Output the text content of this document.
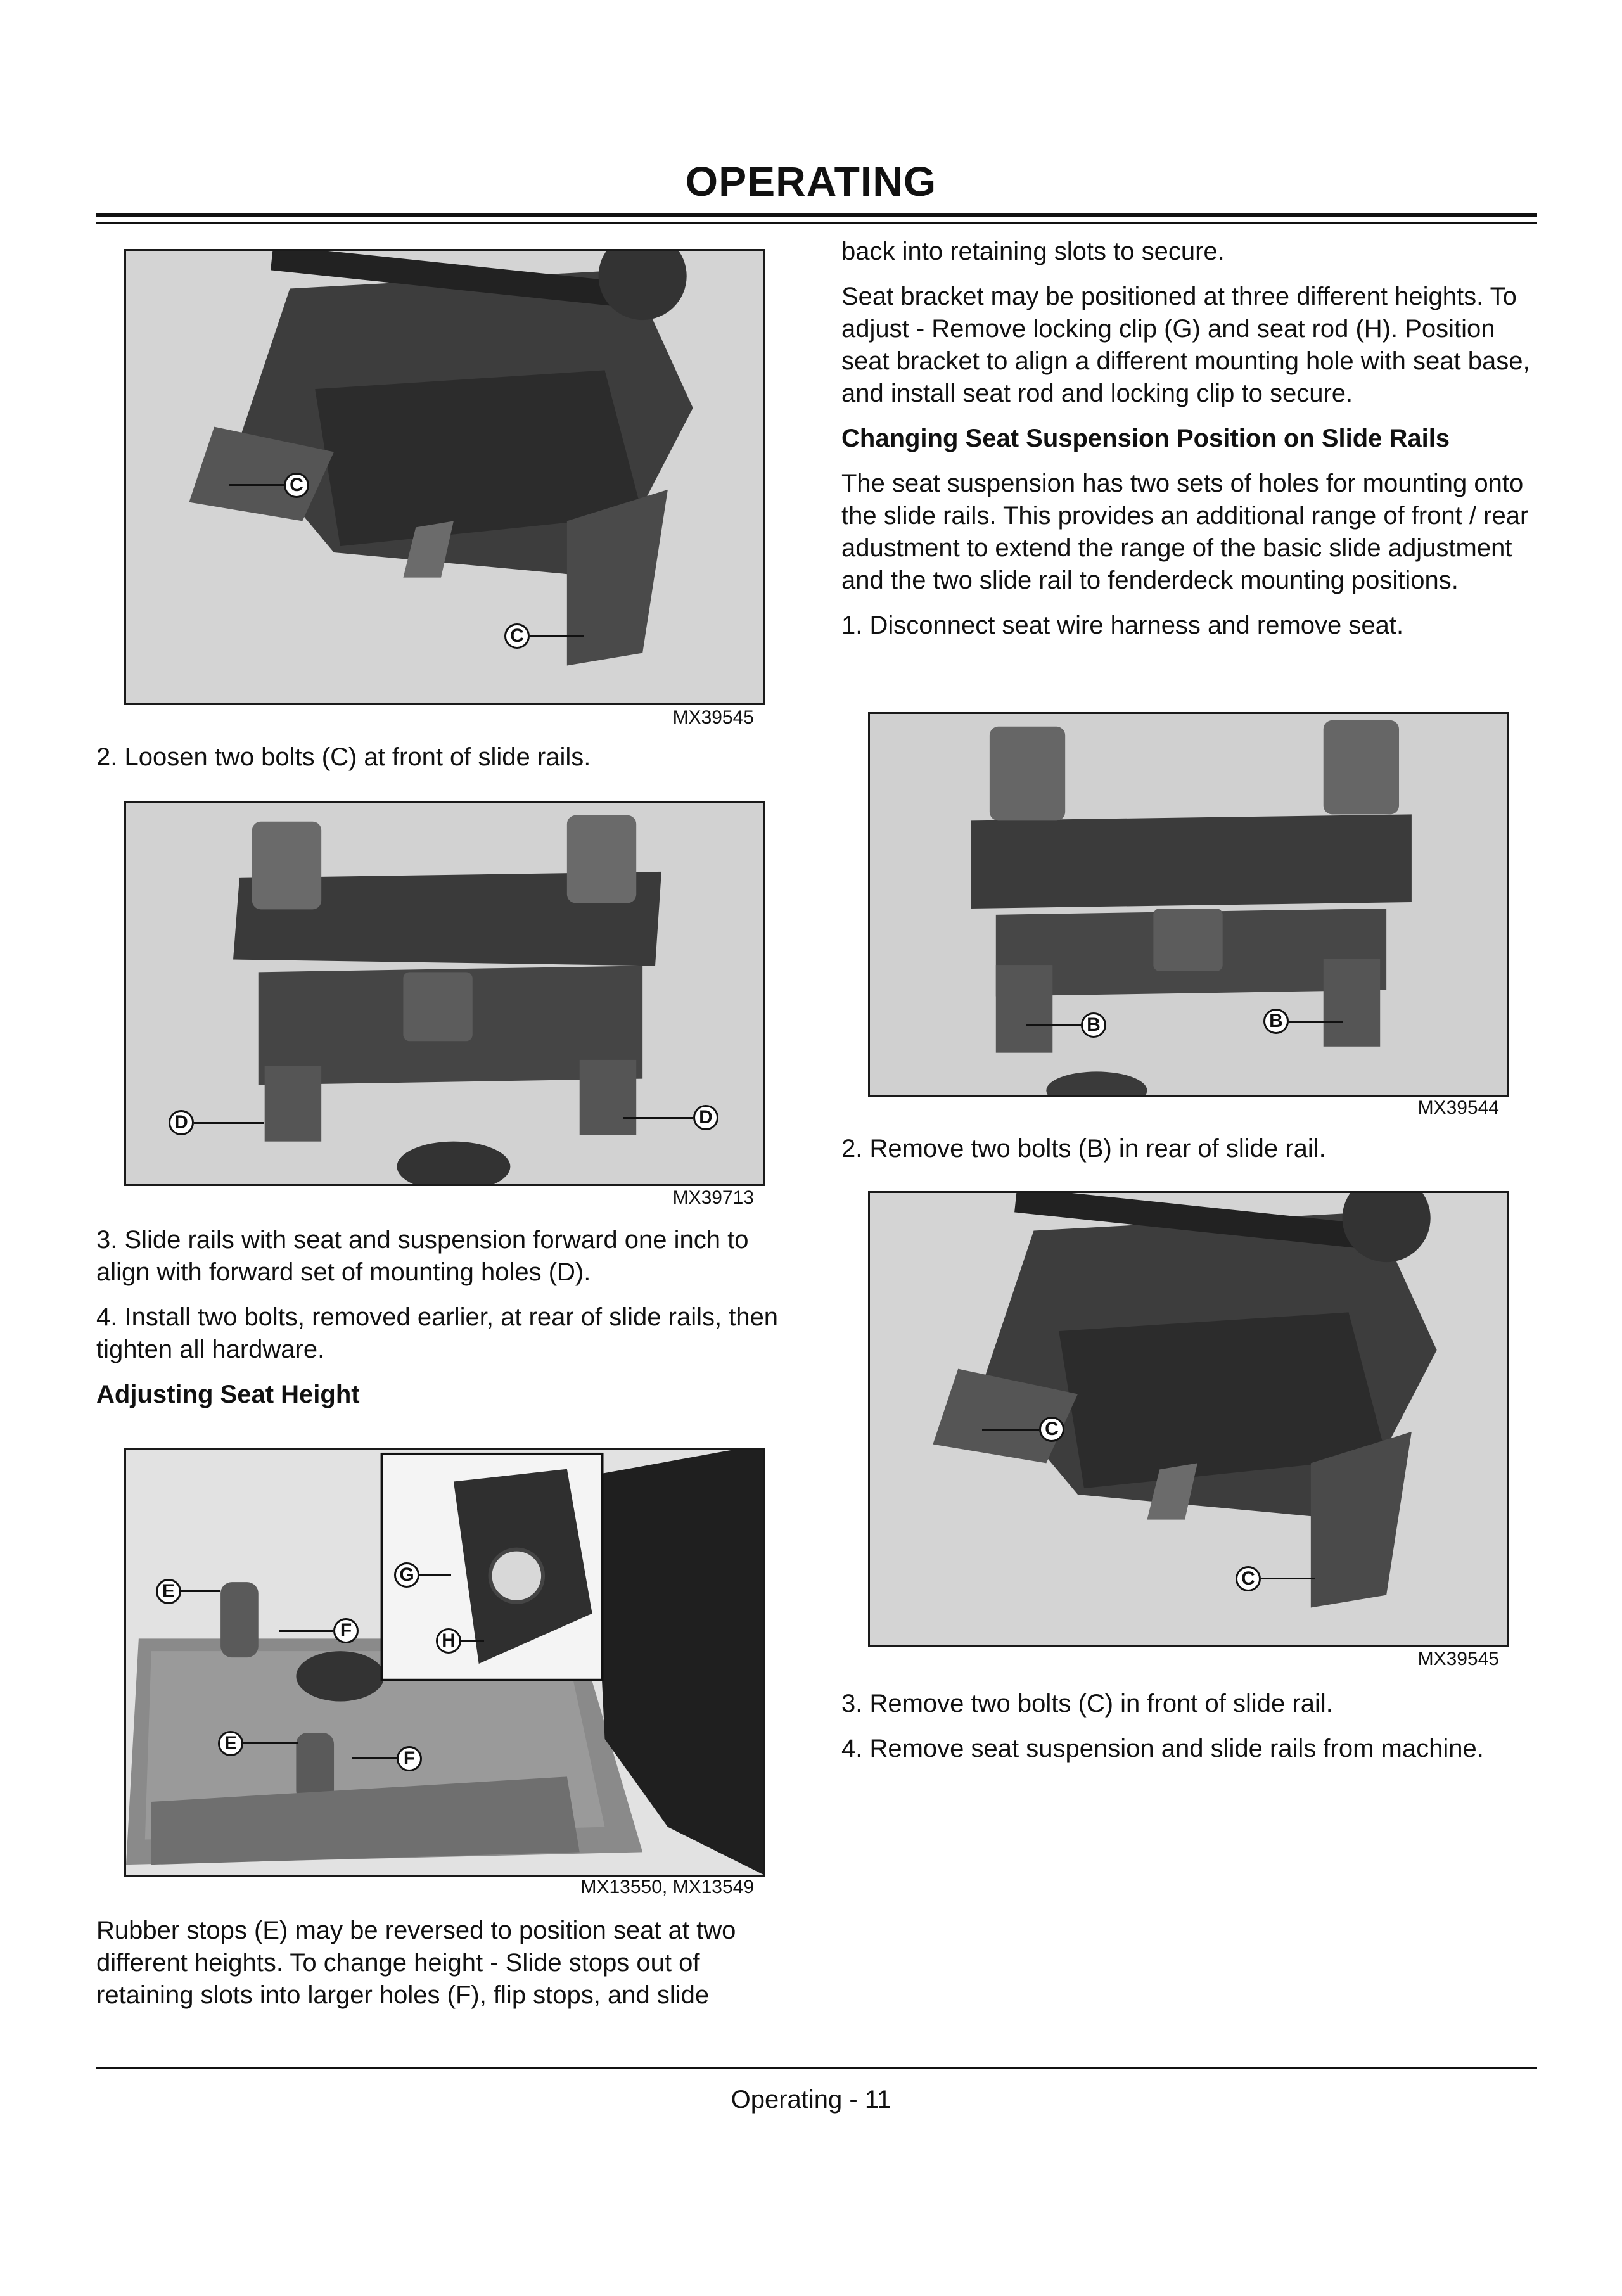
OPERATING
C
C
MX39545

2. Loosen two bolts (C) at front of slide rails.

D	D
MX39713

3. Slide rails with seat and suspension forward one inch to align with forward set of mounting holes (D).

4. Install two bolts, removed earlier, at rear of slide rails, then tighten all hardware.

Adjusting Seat Height

E
F
E
F
G
H
MX13550, MX13549

Rubber stops (E) may be reversed to position seat at two different heights. To change height - Slide stops out of retaining slots into larger holes (F), flip stops, and slide

back into retaining slots to secure.

Seat bracket may be positioned at three different heights. To adjust - Remove locking clip (G) and seat rod (H). Position seat bracket to align a different mounting hole with seat base, and install seat rod and locking clip to secure.

Changing Seat Suspension Position on Slide Rails

The seat suspension has two sets of holes for mounting onto the slide rails. This provides an additional range of front / rear adustment to extend the range of the basic slide adjustment and the two slide rail to fenderdeck mounting positions.

1. Disconnect seat wire harness and remove seat.

B	B
MX39544

2. Remove two bolts (B) in rear of slide rail.

C
C
MX39545

3. Remove two bolts (C) in front of slide rail.

4. Remove seat suspension and slide rails from machine.

Operating - 11
